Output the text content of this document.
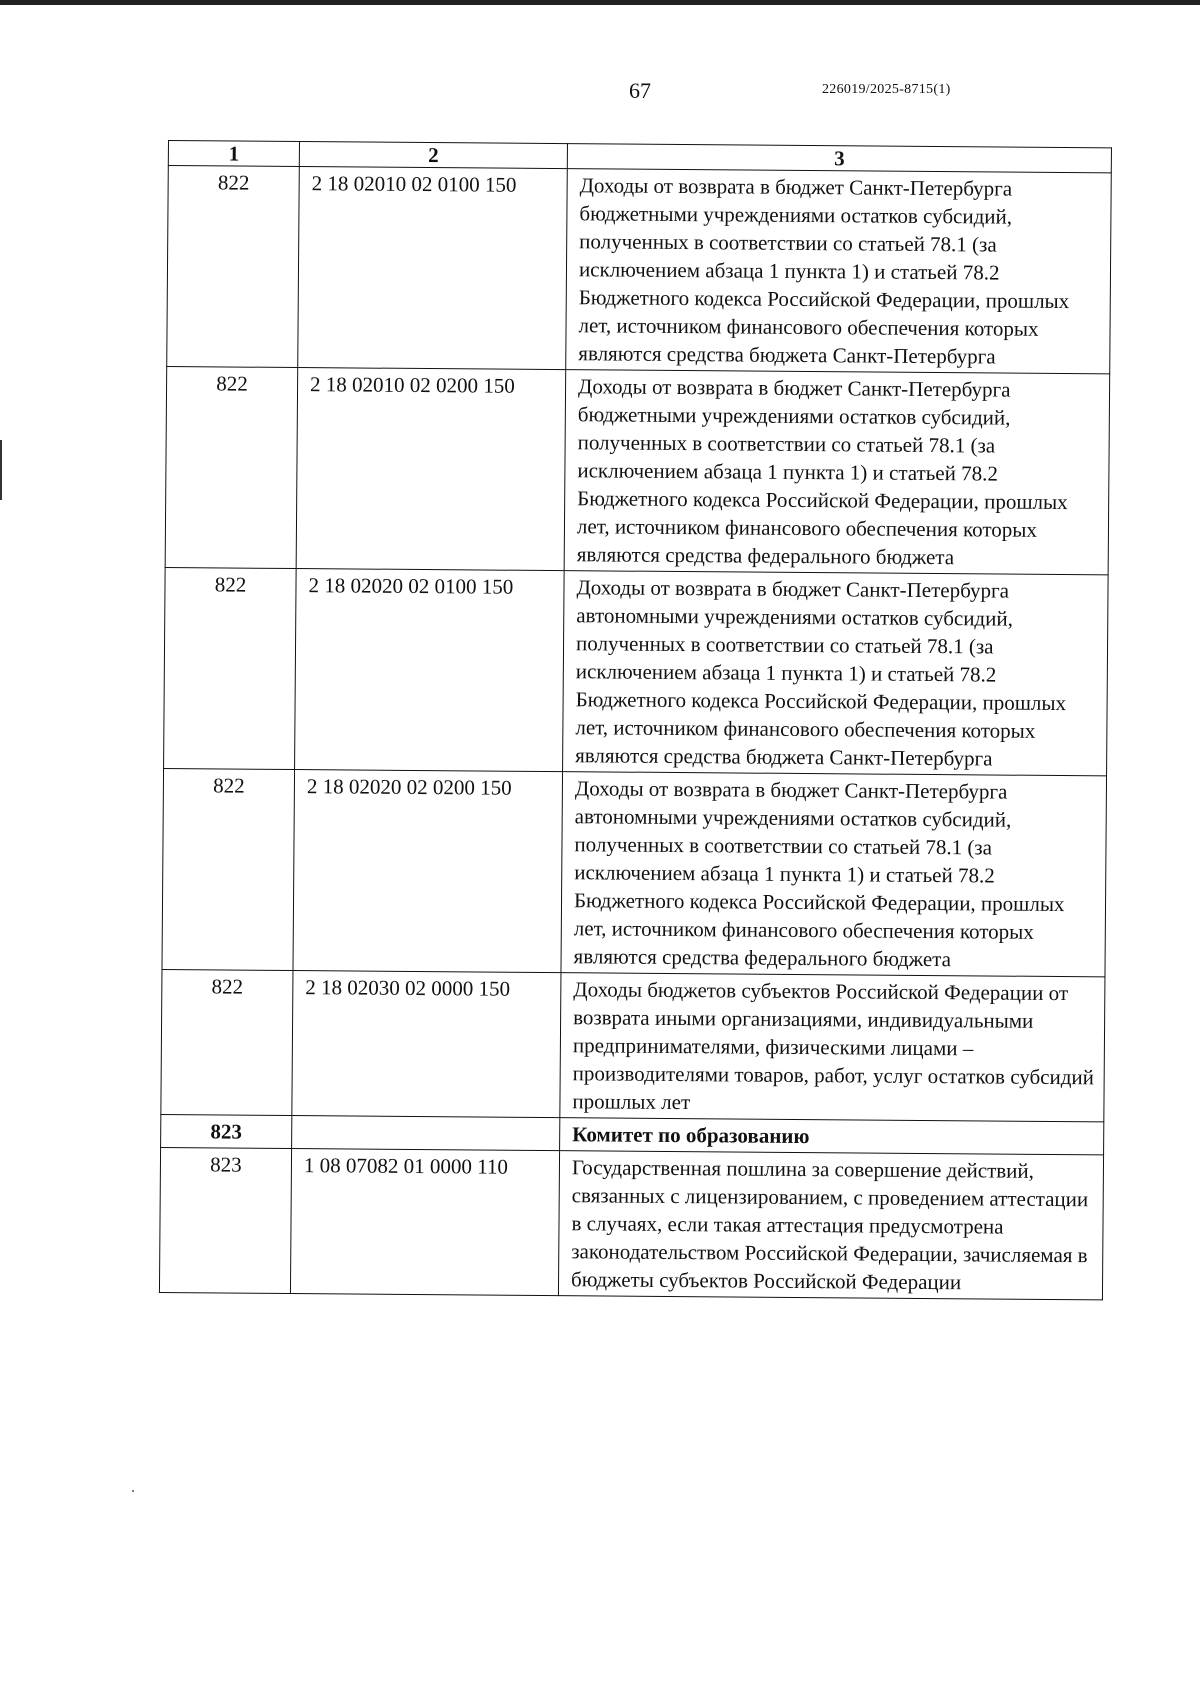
67	226019/2025-8715(1)
1	2	3
822	2 18 02010 02 0100 150	Доходы от возврата в бюджет Санкт-Петербурга бюджетными учреждениями остатков субсидий, полученных в соответствии со статьей 78.1 (за исключением абзаца 1 пункта 1) и статьей 78.2 Бюджетного кодекса Российской Федерации, прошлых лет, источником финансового обеспечения которых являются средства бюджета Санкт-Петербурга
822	2 18 02010 02 0200 150	Доходы от возврата в бюджет Санкт-Петербурга бюджетными учреждениями остатков субсидий, полученных в соответствии со статьей 78.1 (за исключением абзаца 1 пункта 1) и статьей 78.2 Бюджетного кодекса Российской Федерации, прошлых лет, источником финансового обеспечения которых являются средства федерального бюджета
822	2 18 02020 02 0100 150	Доходы от возврата в бюджет Санкт-Петербурга автономными учреждениями остатков субсидий, полученных в соответствии со статьей 78.1 (за исключением абзаца 1 пункта 1) и статьей 78.2 Бюджетного кодекса Российской Федерации, прошлых лет, источником финансового обеспечения которых являются средства бюджета Санкт-Петербурга
822	2 18 02020 02 0200 150	Доходы от возврата в бюджет Санкт-Петербурга автономными учреждениями остатков субсидий, полученных в соответствии со статьей 78.1 (за исключением абзаца 1 пункта 1) и статьей 78.2 Бюджетного кодекса Российской Федерации, прошлых лет, источником финансового обеспечения которых являются средства федерального бюджета
822	2 18 02030 02 0000 150	Доходы бюджетов субъектов Российской Федерации от возврата иными организациями, индивидуальными предпринимателями, физическими лицами – производителями товаров, работ, услуг остатков субсидий прошлых лет
823		Комитет по образованию
823	1 08 07082 01 0000 110	Государственная пошлина за совершение действий, связанных с лицензированием, с проведением аттестации в случаях, если такая аттестация предусмотрена законодательством Российской Федерации, зачисляемая в бюджеты субъектов Российской Федерации
